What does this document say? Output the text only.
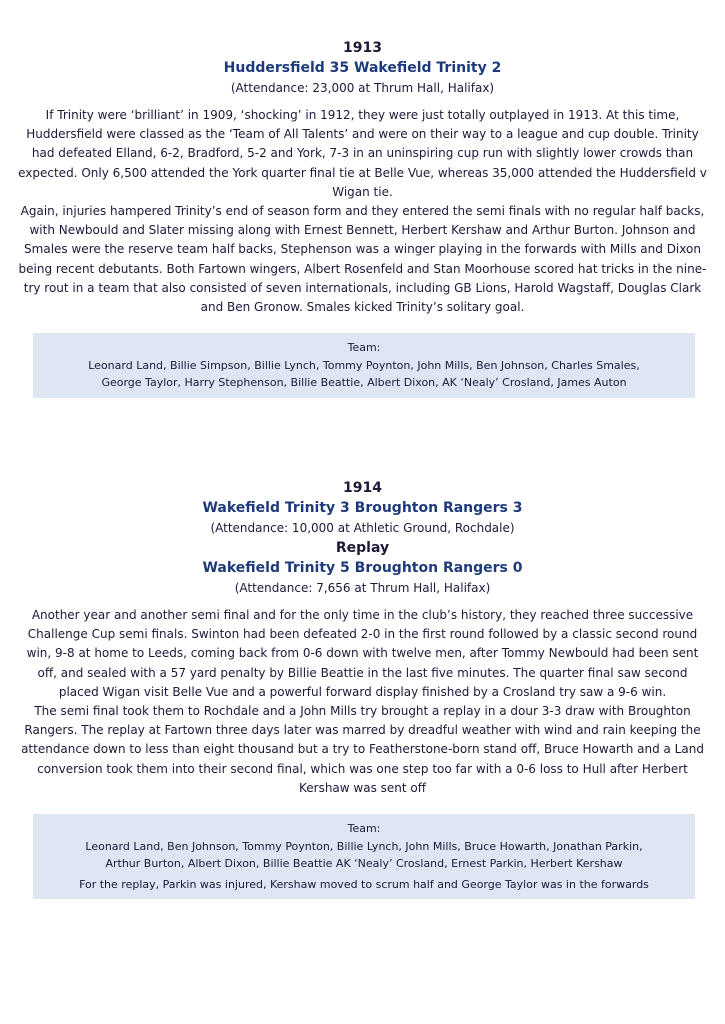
1913

Huddersfield 35 Wakefield Trinity 2

(Attendance: 23,000 at Thrum Hall, Halifax)

If Trinity were ‘brilliant’ in 1909, ‘shocking’ in 1912, they were just totally outplayed in 1913. At this time, Huddersfield were classed as the ‘Team of All Talents’ and were on their way to a league and cup double. Trinity had defeated Elland, 6-2, Bradford, 5-2 and York, 7-3 in an uninspiring cup run with slightly lower crowds than expected. Only 6,500 attended the York quarter final tie at Belle Vue, whereas 35,000 attended the Huddersfield v Wigan tie.

Again, injuries hampered Trinity’s end of season form and they entered the semi finals with no regular half backs, with Newbould and Slater missing along with Ernest Bennett, Herbert Kershaw and Arthur Burton. Johnson and Smales were the reserve team half backs, Stephenson was a winger playing in the forwards with Mills and Dixon being recent debutants. Both Fartown wingers, Albert Rosenfeld and Stan Moorhouse scored hat tricks in the nine-try rout in a team that also consisted of seven internationals, including GB Lions, Harold Wagstaff, Douglas Clark and Ben Gronow. Smales kicked Trinity’s solitary goal.

Team:

Leonard Land, Billie Simpson, Billie Lynch, Tommy Poynton, John Mills, Ben Johnson, Charles Smales,

George Taylor, Harry Stephenson, Billie Beattie, Albert Dixon, AK ‘Nealy’ Crosland, James Auton

1914

Wakefield Trinity 3 Broughton Rangers 3

(Attendance: 10,000 at Athletic Ground, Rochdale)

Replay

Wakefield Trinity 5 Broughton Rangers 0

(Attendance: 7,656 at Thrum Hall, Halifax)

Another year and another semi final and for the only time in the club’s history, they reached three successive Challenge Cup semi finals. Swinton had been defeated 2-0 in the first round followed by a classic second round win, 9-8 at home to Leeds, coming back from 0-6 down with twelve men, after Tommy Newbould had been sent off, and sealed with a 57 yard penalty by Billie Beattie in the last five minutes. The quarter final saw second placed Wigan visit Belle Vue and a powerful forward display finished by a Crosland try saw a 9-6 win.

The semi final took them to Rochdale and a John Mills try brought a replay in a dour 3-3 draw with Broughton Rangers. The replay at Fartown three days later was marred by dreadful weather with wind and rain keeping the attendance down to less than eight thousand but a try to Featherstone-born stand off, Bruce Howarth and a Land conversion took them into their second final, which was one step too far with a 0-6 loss to Hull after Herbert Kershaw was sent off

Team:

Leonard Land, Ben Johnson, Tommy Poynton, Billie Lynch, John Mills, Bruce Howarth, Jonathan Parkin,

Arthur Burton, Albert Dixon, Billie Beattie AK ‘Nealy’ Crosland, Ernest Parkin, Herbert Kershaw

For the replay, Parkin was injured, Kershaw moved to scrum half and George Taylor was in the forwards
